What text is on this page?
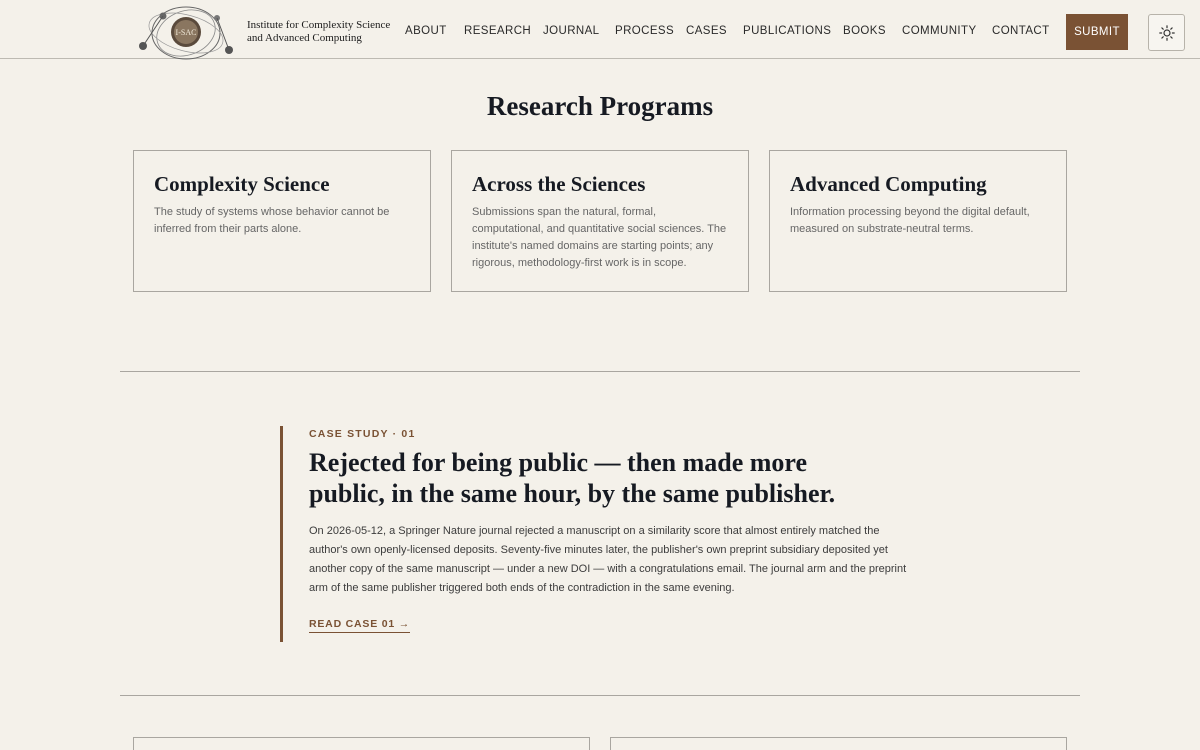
I-SAC
Institute for Complexity Science
and Advanced Computing
ABOUT RESEARCH JOURNAL PROCESS CASES PUBLICATIONS BOOKS COMMUNITY CONTACT	SUBMIT
Research Programs
Complexity Science

The study of systems whose behavior cannot be inferred from their parts alone.

Across the Sciences

Submissions span the natural, formal, computational, and quantitative social sciences. The institute's named domains are starting points; any rigorous, methodology-first work is in scope.

Advanced Computing

Information processing beyond the digital default, measured on substrate-neutral terms.

CASE STUDY · 01
Rejected for being public — then made more public, in the same hour, by the same publisher.

On 2026-05-12, a Springer Nature journal rejected a manuscript on a similarity score that almost entirely matched the author's own openly-licensed deposits. Seventy-five minutes later, the publisher's own preprint subsidiary deposited yet another copy of the same manuscript — under a new DOI — with a congratulations email. The journal arm and the preprint arm of the same publisher triggered both ends of the contradiction in the same evening.

READ CASE 01 →
